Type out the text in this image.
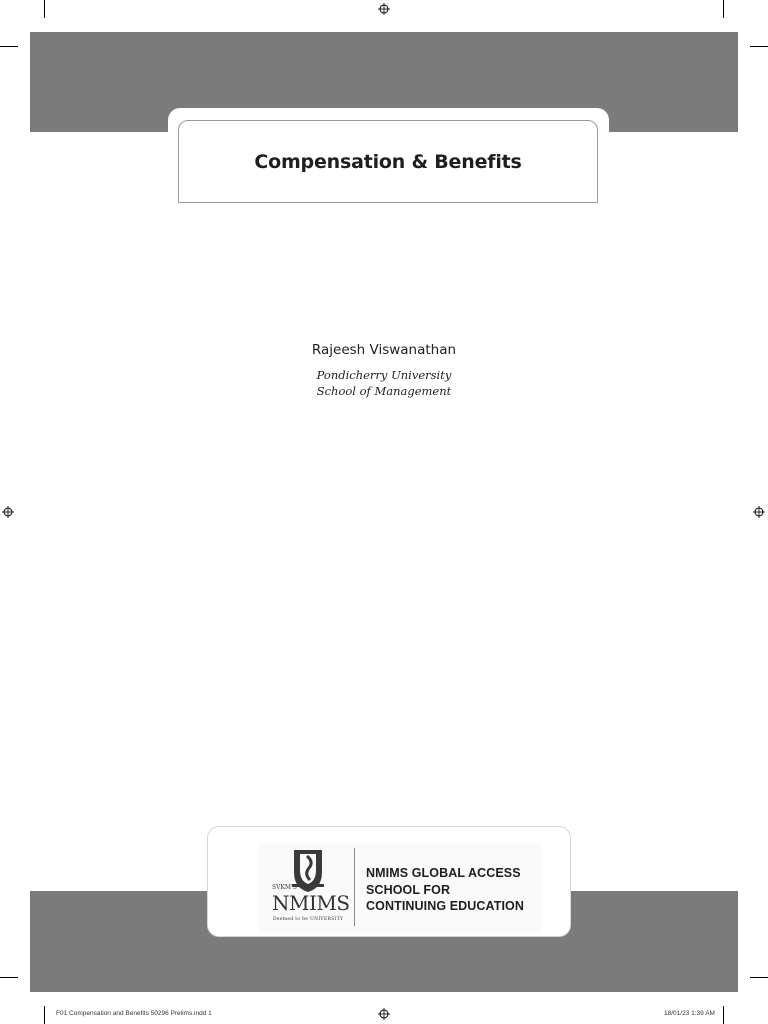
Compensation & Benefits
Rajeesh Viswanathan
Pondicherry University
School of Management
SVKM'S
NMIMS
Deemed to be UNIVERSITY
NMIMS GLOBAL ACCESS
SCHOOL FOR
CONTINUING EDUCATION
F01 Compensation and Benefits 50296 Prelims.indd 1	18/01/23 1:39 AM
